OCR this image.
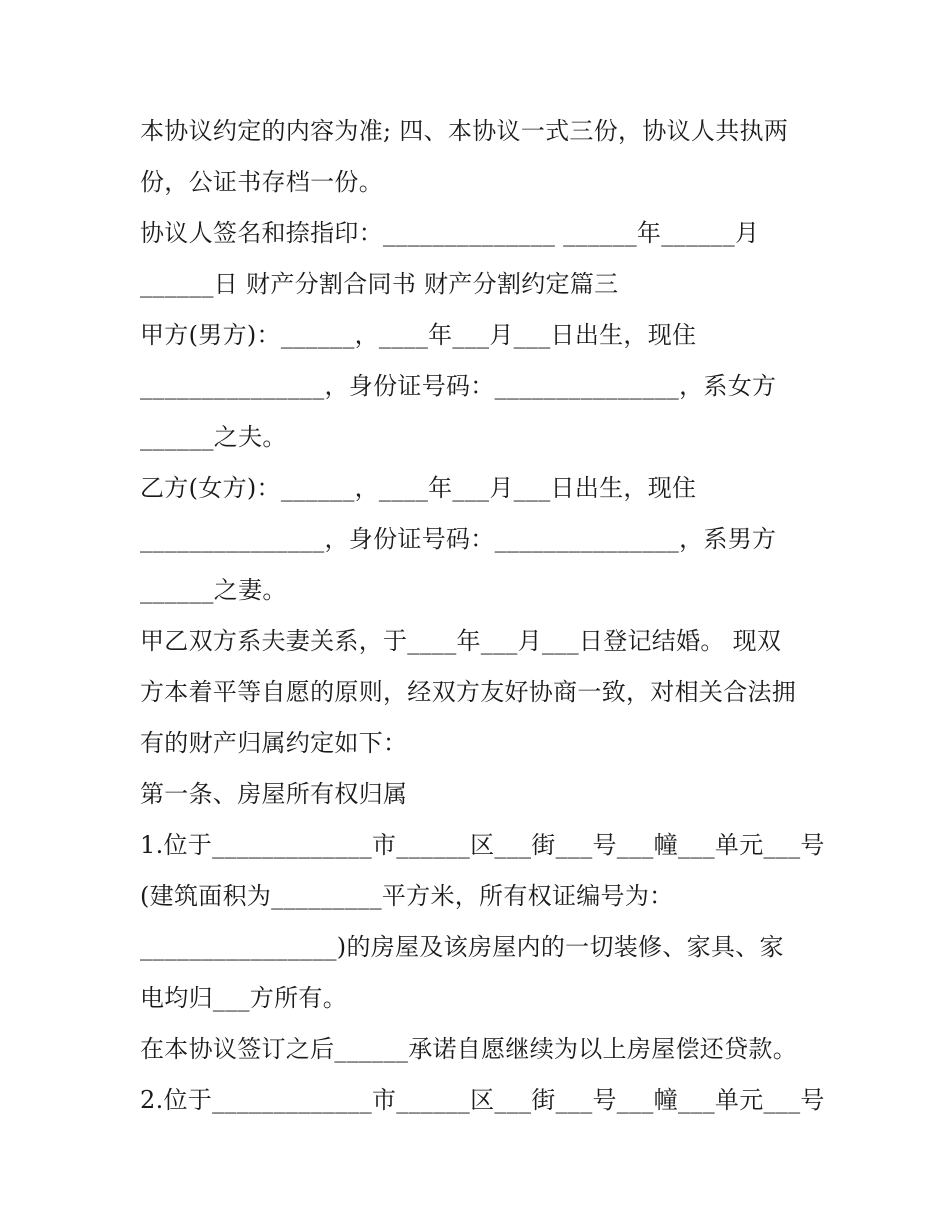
本协议约定的内容为准; 四、本协议一式三份，协议人共执两

份，公证书存档一份。

协议人签名和捺指印：______________ ______年______月

______日 财产分割合同书 财产分割约定篇三

甲方(男方)：______，____年___月___日出生，现住

_______________，身份证号码：_______________，系女方

______之夫。

乙方(女方)：______，____年___月___日出生，现住

_______________，身份证号码：_______________，系男方

______之妻。

甲乙双方系夫妻关系，于____年___月___日登记结婚。 现双

方本着平等自愿的原则，经双方友好协商一致，对相关合法拥

有的财产归属约定如下：

第一条、房屋所有权归属

1.位于_____________市______区___街___号___幢___单元___号

(建筑面积为_________平方米，所有权证编号为：

________________)的房屋及该房屋内的一切装修、家具、家

电均归___方所有。

在本协议签订之后______承诺自愿继续为以上房屋偿还贷款。

2.位于_____________市______区___街___号___幢___单元___号
